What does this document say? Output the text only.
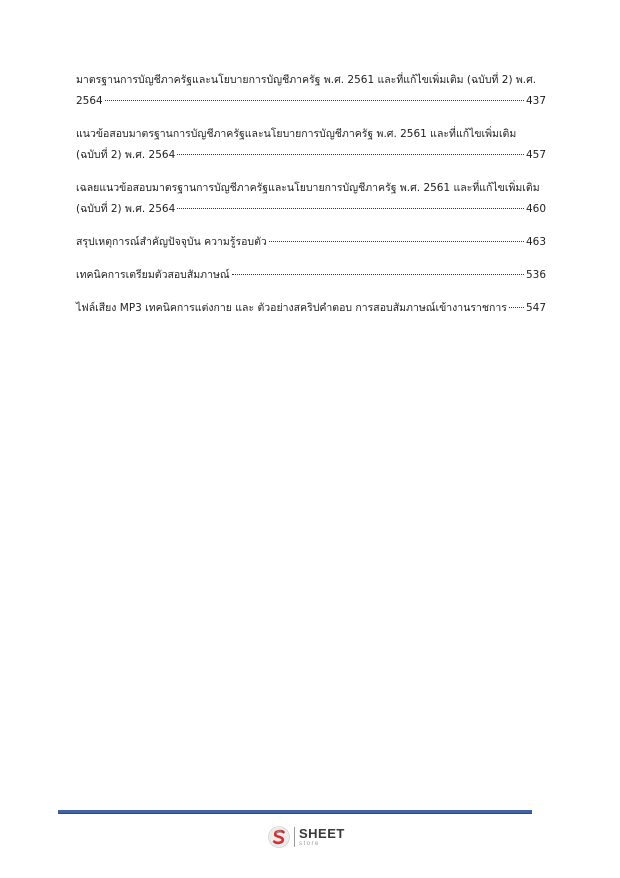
มาตรฐานการบัญชีภาครัฐและนโยบายการบัญชีภาครัฐ พ.ศ. 2561 และที่แก้ไขเพิ่มเติม (ฉบับที่ 2) พ.ศ.
2564	437
แนวข้อสอบมาตรฐานการบัญชีภาครัฐและนโยบายการบัญชีภาครัฐ พ.ศ. 2561 และที่แก้ไขเพิ่มเติม
(ฉบับที่ 2) พ.ศ. 2564	457
เฉลยแนวข้อสอบมาตรฐานการบัญชีภาครัฐและนโยบายการบัญชีภาครัฐ พ.ศ. 2561 และที่แก้ไขเพิ่มเติม
(ฉบับที่ 2) พ.ศ. 2564	460
สรุปเหตุการณ์สำคัญปัจจุบัน ความรู้รอบตัว	463
เทคนิคการเตรียมตัวสอบสัมภาษณ์	536
ไฟล์เสียง MP3 เทคนิคการแต่งกาย และ ตัวอย่างสคริปคำตอบ การสอบสัมภาษณ์เข้างานราชการ 547
SHEET
store
